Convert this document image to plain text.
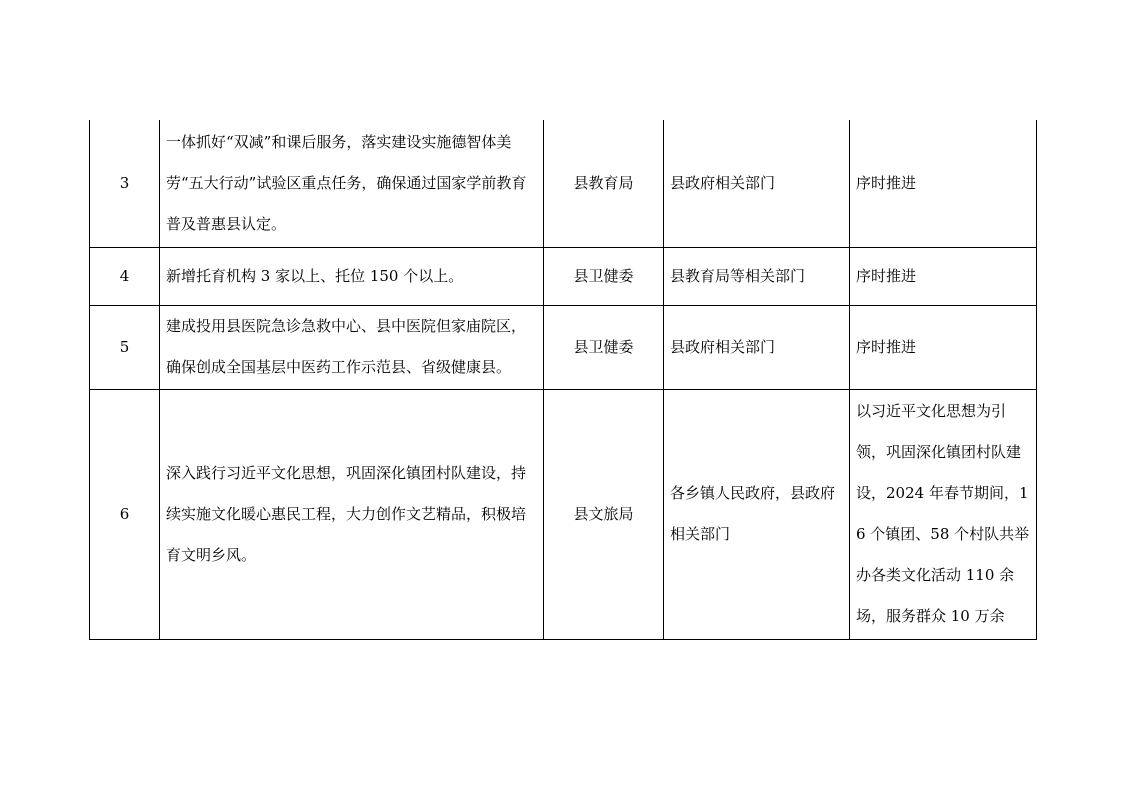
3	一体抓好“双减”和课后服务，落实建设实施德智体美劳“五大行动”试验区重点任务，确保通过国家学前教育普及普惠县认定。	县教育局	县政府相关部门	序时推进
4	新增托育机构 3 家以上、托位 150 个以上。	县卫健委	县教育局等相关部门	序时推进
5	建成投用县医院急诊急救中心、县中医院但家庙院区，确保创成全国基层中医药工作示范县、省级健康县。	县卫健委	县政府相关部门	序时推进
6	深入践行习近平文化思想，巩固深化镇团村队建设，持续实施文化暖心惠民工程，大力创作文艺精品，积极培育文明乡风。	县文旅局	各乡镇人民政府，县政府相关部门	以习近平文化思想为引领，巩固深化镇团村队建设，2024 年春节期间，16 个镇团、58 个村队共举办各类文化活动 110 余场，服务群众 10 万余
